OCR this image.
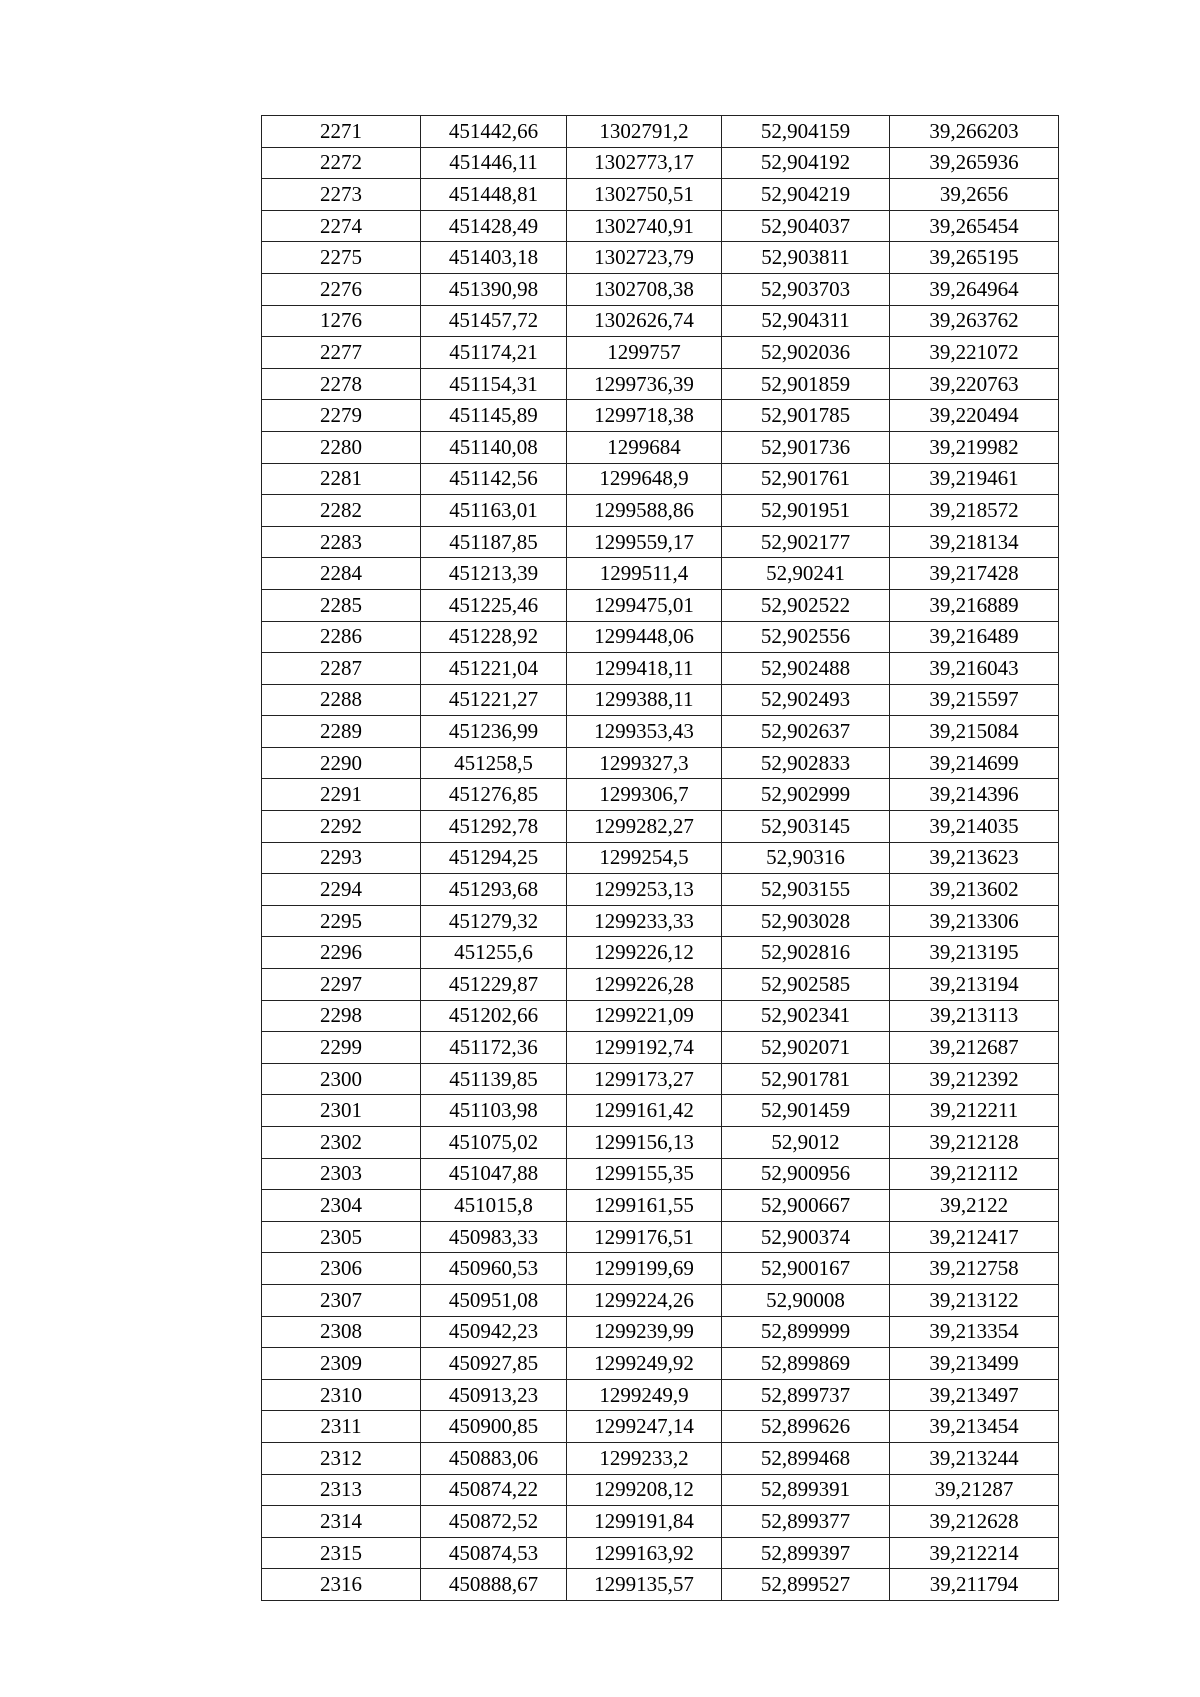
2271	451442,66	1302791,2	52,904159	39,266203
2272	451446,11	1302773,17	52,904192	39,265936
2273	451448,81	1302750,51	52,904219	39,2656
2274	451428,49	1302740,91	52,904037	39,265454
2275	451403,18	1302723,79	52,903811	39,265195
2276	451390,98	1302708,38	52,903703	39,264964
1276	451457,72	1302626,74	52,904311	39,263762
2277	451174,21	1299757	52,902036	39,221072
2278	451154,31	1299736,39	52,901859	39,220763
2279	451145,89	1299718,38	52,901785	39,220494
2280	451140,08	1299684	52,901736	39,219982
2281	451142,56	1299648,9	52,901761	39,219461
2282	451163,01	1299588,86	52,901951	39,218572
2283	451187,85	1299559,17	52,902177	39,218134
2284	451213,39	1299511,4	52,90241	39,217428
2285	451225,46	1299475,01	52,902522	39,216889
2286	451228,92	1299448,06	52,902556	39,216489
2287	451221,04	1299418,11	52,902488	39,216043
2288	451221,27	1299388,11	52,902493	39,215597
2289	451236,99	1299353,43	52,902637	39,215084
2290	451258,5	1299327,3	52,902833	39,214699
2291	451276,85	1299306,7	52,902999	39,214396
2292	451292,78	1299282,27	52,903145	39,214035
2293	451294,25	1299254,5	52,90316	39,213623
2294	451293,68	1299253,13	52,903155	39,213602
2295	451279,32	1299233,33	52,903028	39,213306
2296	451255,6	1299226,12	52,902816	39,213195
2297	451229,87	1299226,28	52,902585	39,213194
2298	451202,66	1299221,09	52,902341	39,213113
2299	451172,36	1299192,74	52,902071	39,212687
2300	451139,85	1299173,27	52,901781	39,212392
2301	451103,98	1299161,42	52,901459	39,212211
2302	451075,02	1299156,13	52,9012	39,212128
2303	451047,88	1299155,35	52,900956	39,212112
2304	451015,8	1299161,55	52,900667	39,2122
2305	450983,33	1299176,51	52,900374	39,212417
2306	450960,53	1299199,69	52,900167	39,212758
2307	450951,08	1299224,26	52,90008	39,213122
2308	450942,23	1299239,99	52,899999	39,213354
2309	450927,85	1299249,92	52,899869	39,213499
2310	450913,23	1299249,9	52,899737	39,213497
2311	450900,85	1299247,14	52,899626	39,213454
2312	450883,06	1299233,2	52,899468	39,213244
2313	450874,22	1299208,12	52,899391	39,21287
2314	450872,52	1299191,84	52,899377	39,212628
2315	450874,53	1299163,92	52,899397	39,212214
2316	450888,67	1299135,57	52,899527	39,211794
